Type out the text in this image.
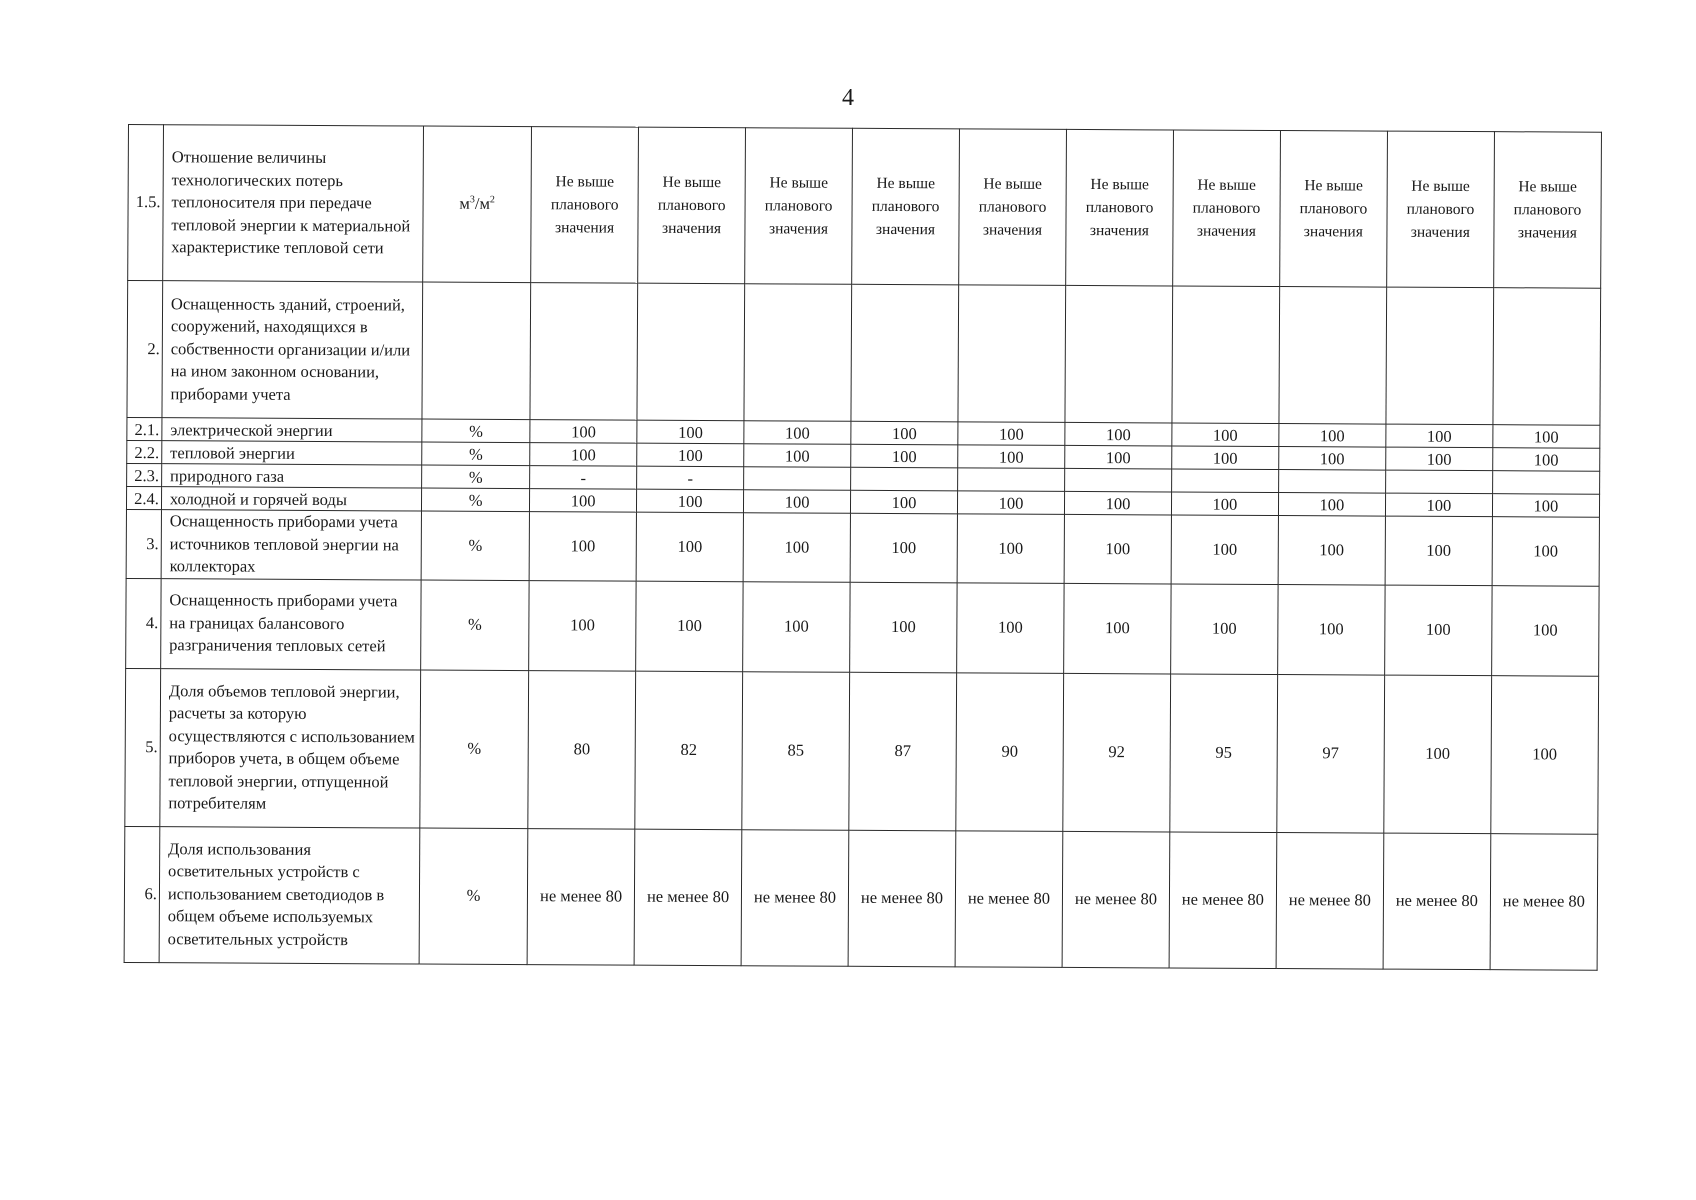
4
1.5.	Отношение величины технологических потерь теплоносителя при передаче тепловой энергии к материальной характеристике тепловой сети	$м^3/м^2$	Не выше планового значения	Не выше планового значения	Не выше планового значения	Не выше планового значения	Не выше планового значения	Не выше планового значения	Не выше планового значения	Не выше планового значения	Не выше планового значения	Не выше планового значения
2.	Оснащенность зданий, строений, сооружений, находящихся в собственности организации и/или на ином законном основании, приборами учета											
2.1.	электрической энергии	%	100	100	100	100	100	100	100	100	100	100
2.2.	тепловой энергии	%	100	100	100	100	100	100	100	100	100	100
2.3.	природного газа	%	-	-								
2.4.	холодной и горячей воды	%	100	100	100	100	100	100	100	100	100	100
3.	Оснащенность приборами учета источников тепловой энергии на коллекторах	%	100	100	100	100	100	100	100	100	100	100
4.	Оснащенность приборами учета на границах балансового разграничения тепловых сетей	%	100	100	100	100	100	100	100	100	100	100
5.	Доля объемов тепловой энергии, расчеты за которую осуществляются с использованием приборов учета, в общем объеме тепловой энергии, отпущенной потребителям	%	80	82	85	87	90	92	95	97	100	100
6.	Доля использования осветительных устройств с использованием светодиодов в общем объеме используемых осветительных устройств	%	не менее 80	не менее 80	не менее 80	не менее 80	не менее 80	не менее 80	не менее 80	не менее 80	не менее 80	не менее 80
